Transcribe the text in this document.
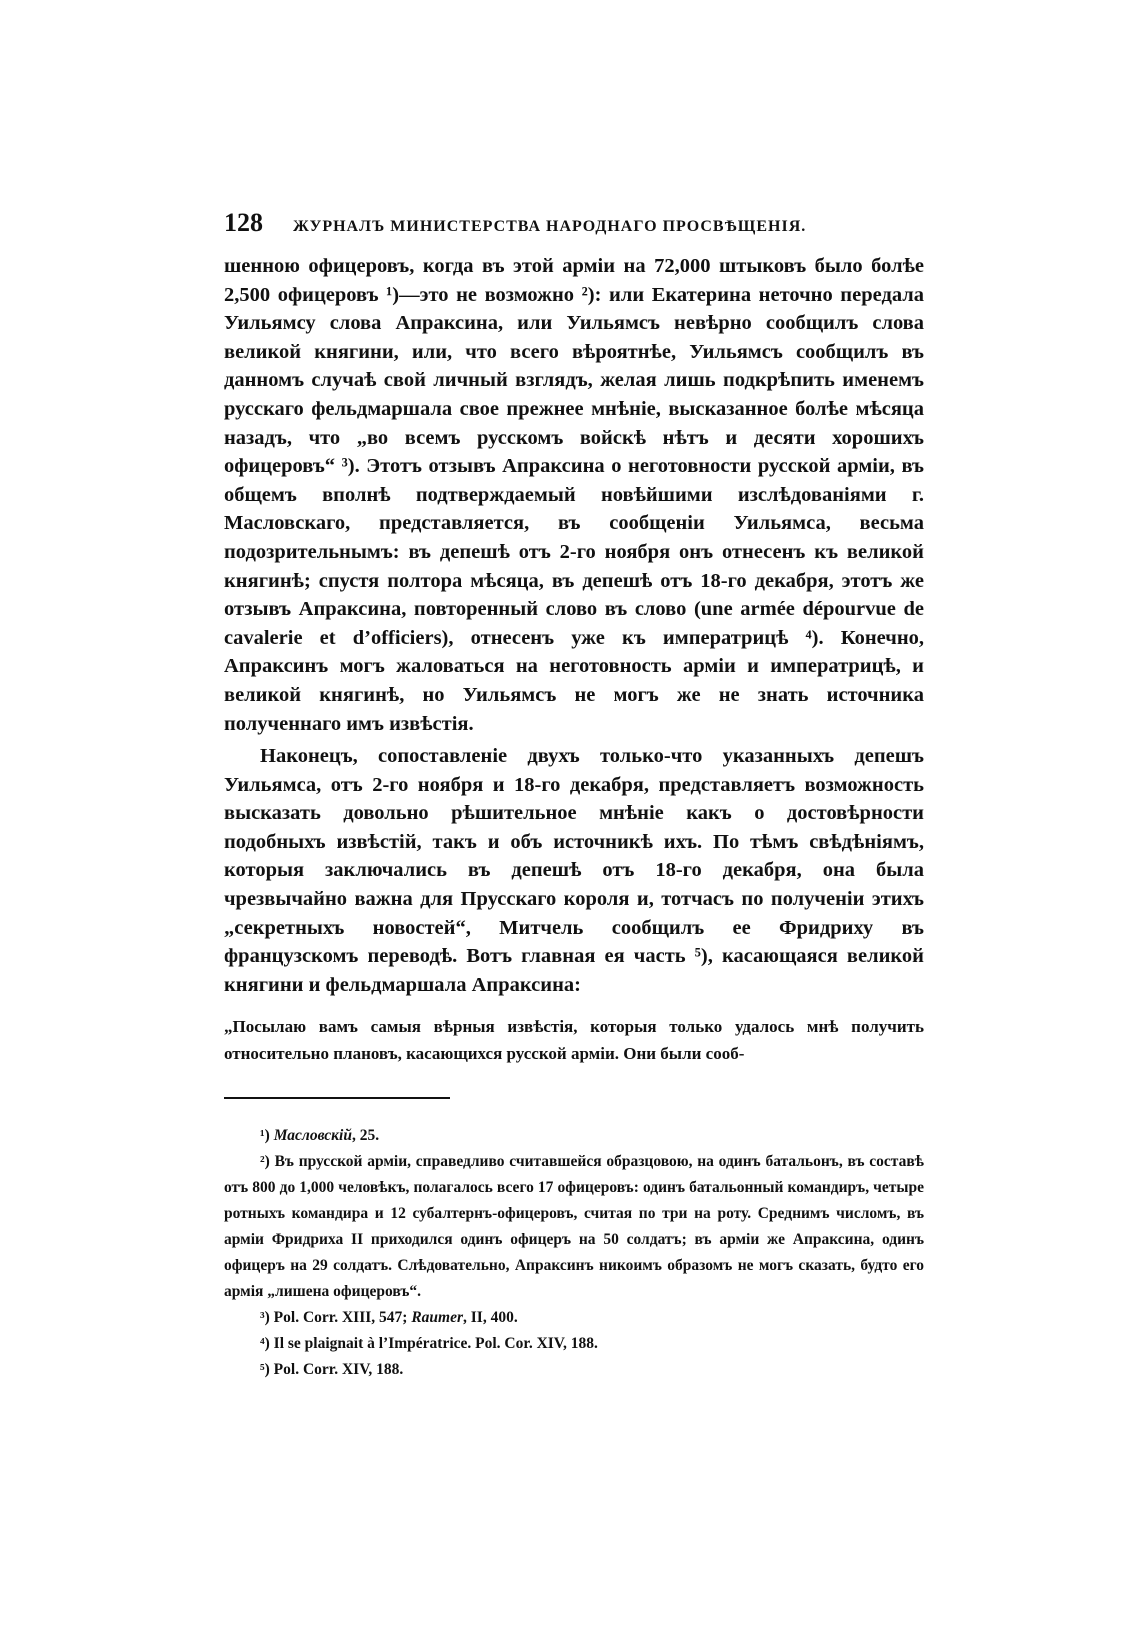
128 ЖУРНАЛЪ МИНИСТЕРСТВА НАРОДНАГО ПРОСВѢЩЕНІЯ.

шенною офицеровъ, когда въ этой арміи на 72,000 штыковъ было болѣе 2,500 офицеровъ ¹)—это не возможно ²): или Екатерина неточно передала Уильямсу слова Апраксина, или Уильямсъ невѣрно сообщилъ слова великой княгини, или, что всего вѣроятнѣе, Уильямсъ сообщилъ въ данномъ случаѣ свой личный взглядъ, желая лишь подкрѣпить именемъ русскаго фельдмаршала свое прежнее мнѣніе, высказанное болѣе мѣсяца назадъ, что „во всемъ русскомъ войскѣ нѣтъ и десяти хорошихъ офицеровъ“ ³). Этотъ отзывъ Апраксина о неготовности русской арміи, въ общемъ вполнѣ подтверждаемый новѣйшими изслѣдованіями г. Масловскаго, представляется, въ сообщеніи Уильямса, весьма подозрительнымъ: въ депешѣ отъ 2-го ноября онъ отнесенъ къ великой княгинѣ; спустя полтора мѣсяца, въ депешѣ отъ 18-го декабря, этотъ же отзывъ Апраксина, повторенный слово въ слово (une armée dépourvue de cavalerie et d’officiers), отнесенъ уже къ императрицѣ ⁴). Конечно, Апраксинъ могъ жаловаться на неготовность арміи и императрицѣ, и великой княгинѣ, но Уильямсъ не могъ же не знать источника полученнаго имъ извѣстія.

Наконецъ, сопоставленіе двухъ только-что указанныхъ депешъ Уильямса, отъ 2-го ноября и 18-го декабря, представляетъ возможность высказать довольно рѣшительное мнѣніе какъ о достовѣрности подобныхъ извѣстій, такъ и объ источникѣ ихъ. По тѣмъ свѣдѣніямъ, которыя заключались въ депешѣ отъ 18-го декабря, она была чрезвычайно важна для Прусскаго короля и, тотчасъ по полученіи этихъ „секретныхъ новостей“, Митчель сообщилъ ее Фридриху въ французскомъ переводѣ. Вотъ главная ея часть ⁵), касающаяся великой княгини и фельдмаршала Апраксина:

„Посылаю вамъ самыя вѣрныя извѣстія, которыя только удалось мнѣ получить относительно плановъ, касающихся русской арміи. Они были сооб-

¹) Масловскій, 25.

²) Въ прусской арміи, справедливо считавшейся образцовою, на одинъ батальонъ, въ составѣ отъ 800 до 1,000 человѣкъ, полагалось всего 17 офицеровъ: одинъ батальонный командиръ, четыре ротныхъ командира и 12 субалтернъ-офицеровъ, считая по три на роту. Среднимъ числомъ, въ арміи Фридриха II приходился одинъ офицеръ на 50 солдатъ; въ арміи же Апраксина, одинъ офицеръ на 29 солдатъ. Слѣдовательно, Апраксинъ никоимъ образомъ не могъ сказать, будто его армія „лишена офицеровъ“.

³) Pol. Corr. XIII, 547; Raumer, II, 400.

⁴) Il se plaignait à l’Impératrice. Pol. Cor. XIV, 188.

⁵) Pol. Corr. XIV, 188.
